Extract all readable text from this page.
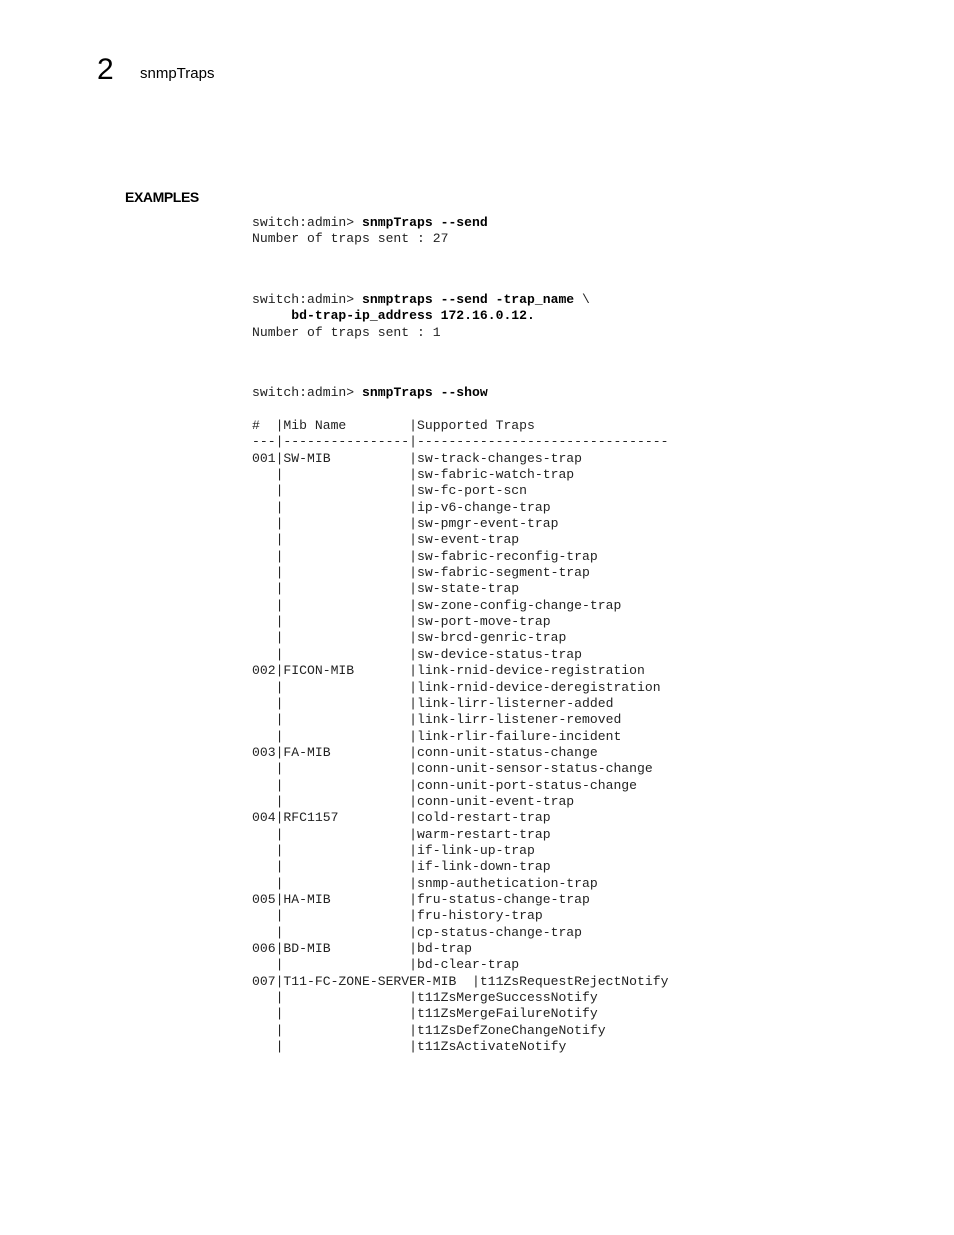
2 snmpTraps
EXAMPLES
switch:admin> snmpTraps --send
Number of traps sent : 27
switch:admin> snmptraps --send -trap_name \
bd-trap-ip_address 172.16.0.12.
Number of traps sent : 1
switch:admin> snmpTraps --show
#  |Mib Name        |Supported Traps
---|----------------|--------------------------------
001|SW-MIB          |sw-track-changes-trap
|                |sw-fabric-watch-trap
|                |sw-fc-port-scn
|                |ip-v6-change-trap
|                |sw-pmgr-event-trap
|                |sw-event-trap
|                |sw-fabric-reconfig-trap
|                |sw-fabric-segment-trap
|                |sw-state-trap
|                |sw-zone-config-change-trap
|                |sw-port-move-trap
|                |sw-brcd-genric-trap
|                |sw-device-status-trap
002|FICON-MIB       |link-rnid-device-registration
|                |link-rnid-device-deregistration
|                |link-lirr-listerner-added
|                |link-lirr-listener-removed
|                |link-rlir-failure-incident
003|FA-MIB          |conn-unit-status-change
|                |conn-unit-sensor-status-change
|                |conn-unit-port-status-change
|                |conn-unit-event-trap
004|RFC1157         |cold-restart-trap
|                |warm-restart-trap
|                |if-link-up-trap
|                |if-link-down-trap
|                |snmp-authetication-trap
005|HA-MIB          |fru-status-change-trap
|                |fru-history-trap
|                |cp-status-change-trap
006|BD-MIB          |bd-trap
|                |bd-clear-trap
007|T11-FC-ZONE-SERVER-MIB  |t11ZsRequestRejectNotify
|                |t11ZsMergeSuccessNotify
|                |t11ZsMergeFailureNotify
|                |t11ZsDefZoneChangeNotify
|                |t11ZsActivateNotify
